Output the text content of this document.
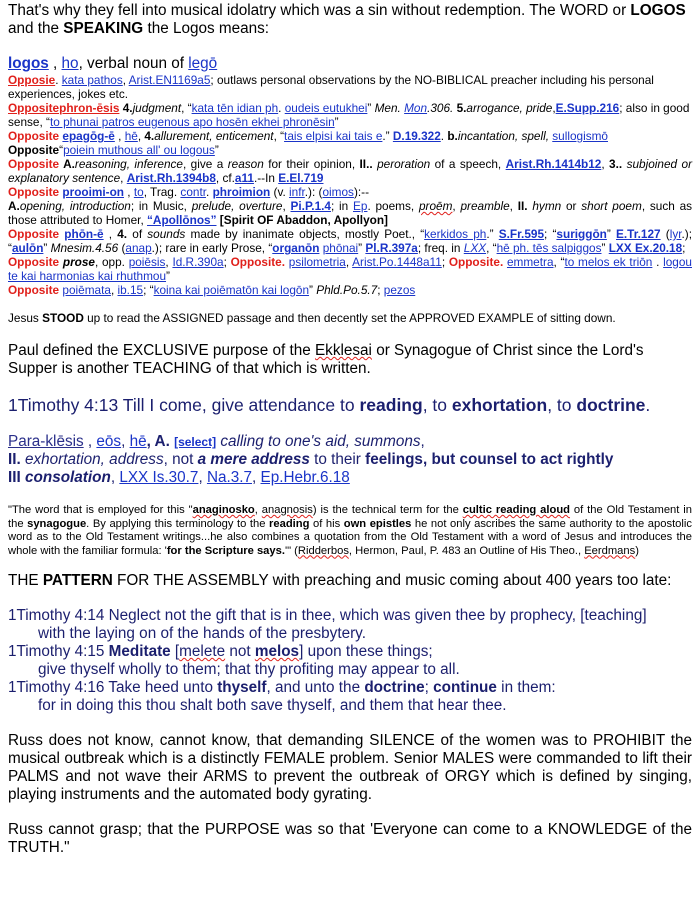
That's why they fell into musical idolatry which was a sin without redemption. The WORD or LOGOS and the SPEAKING the Logos means:

logos , ho, verbal noun of legō

Opposie. kata pathos, Arist.EN1169a5; outlaws personal observations by the NO-BIBLICAL preacher including his personal experiences, jokes etc.

Oppositephron-ēsis 4.judgment, “kata tēn idian ph. oudeis eutukhei” Men. Mon.306. 5.arrogance, pride,E.Supp.216; also in good sense, “to phunai patros eugenous apo hosēn ekhei phronēsin”

Opposite epagōg-ē , hē, 4.allurement, enticement, “tais elpisi kai tais e.” D.19.322. b.incantation, spell, sullogismō

Opposite“poiein muthous all' ou logous”

Opposite A.reasoning, inference, give a reason for their opinion, II.. peroration of a speech, Arist.Rh.1414b12, 3.. subjoined or explanatory sentence, Arist.Rh.1394b8, cf.a11.--In E.El.719

Opposite prooimi-on , to, Trag. contr. phroimion (v. infr.): (oimos):--

A.opening, introduction; in Music, prelude, overture, Pi.P.1.4; in Ep. poems, proēm, preamble, II. hymn or short poem, such as those attributed to Homer, “Apollōnos” [Spirit OF Abaddon, Apollyon]

Opposite phōn-ē , 4. of sounds made by inanimate objects, mostly Poet., “kerkidos ph.” S.Fr.595; “suriggōn” E.Tr.127 (lyr.); “aulōn” Mnesim.4.56 (anap.); rare in early Prose, “organōn phōnai” Pl.R.397a; freq. in LXX, “hē ph. tēs salpiggos” LXX Ex.20.18;

Opposite prose, opp. poiēsis, Id.R.390a; Opposite. psilometria, Arist.Po.1448a11; Opposite. emmetra, “to melos ek triōn . logou te kai harmonias kai rhuthmou”

Opposite poiēmata, ib.15; “koina kai poiēmatōn kai logōn” Phld.Po.5.7; pezos

Jesus STOOD up to read the ASSIGNED passage and then decently set the APPROVED EXAMPLE of sitting down.

Paul defined the EXCLUSIVE purpose of the Ekklesai or Synagogue of Christ since the Lord's Supper is another TEACHING of that which is written.

1Timothy 4:13 Till I come, give attendance to reading, to exhortation, to doctrine.

Para-klēsis , eōs, hē, A. [select] calling to one's aid, summons,

II. exhortation, address, not a mere address to their feelings, but counsel to act rightly

III consolation, LXX Is.30.7, Na.3.7, Ep.Hebr.6.18

"The word that is employed for this "anaginosko, anagnosis) is the technical term for the cultic reading aloud of the Old Testament in the synagogue. By applying this terminology to the reading of his own epistles he not only ascribes the same authority to the apostolic word as to the Old Testament writings...he also combines a quotation from the Old Testament with a word of Jesus and introduces the whole with the familiar formula: 'for the Scripture says.'" (Ridderbos, Hermon, Paul, P. 483 an Outline of His Theo., Eerdmans)

THE PATTERN FOR THE ASSEMBLY with preaching and music coming about 400 years too late:

1Timothy 4:14 Neglect not the gift that is in thee, which was given thee by prophecy, [teaching]

with the laying on of the hands of the presbytery.

1Timothy 4:15 Meditate [melete not melos] upon these things;

give thyself wholly to them; that thy profiting may appear to all.

1Timothy 4:16 Take heed unto thyself, and unto the doctrine; continue in them:

for in doing this thou shalt both save thyself, and them that hear thee.

Russ does not know, cannot know, that demanding SILENCE of the women was to PROHIBIT the musical outbreak which is a distinctly FEMALE problem. Senior MALES were commanded to lift their PALMS and not wave their ARMS to prevent the outbreak of ORGY which is defined by singing, playing instruments and the automated body gyrating.

Russ cannot grasp; that the PURPOSE was so that 'Everyone can come to a KNOWLEDGE of the TRUTH."
